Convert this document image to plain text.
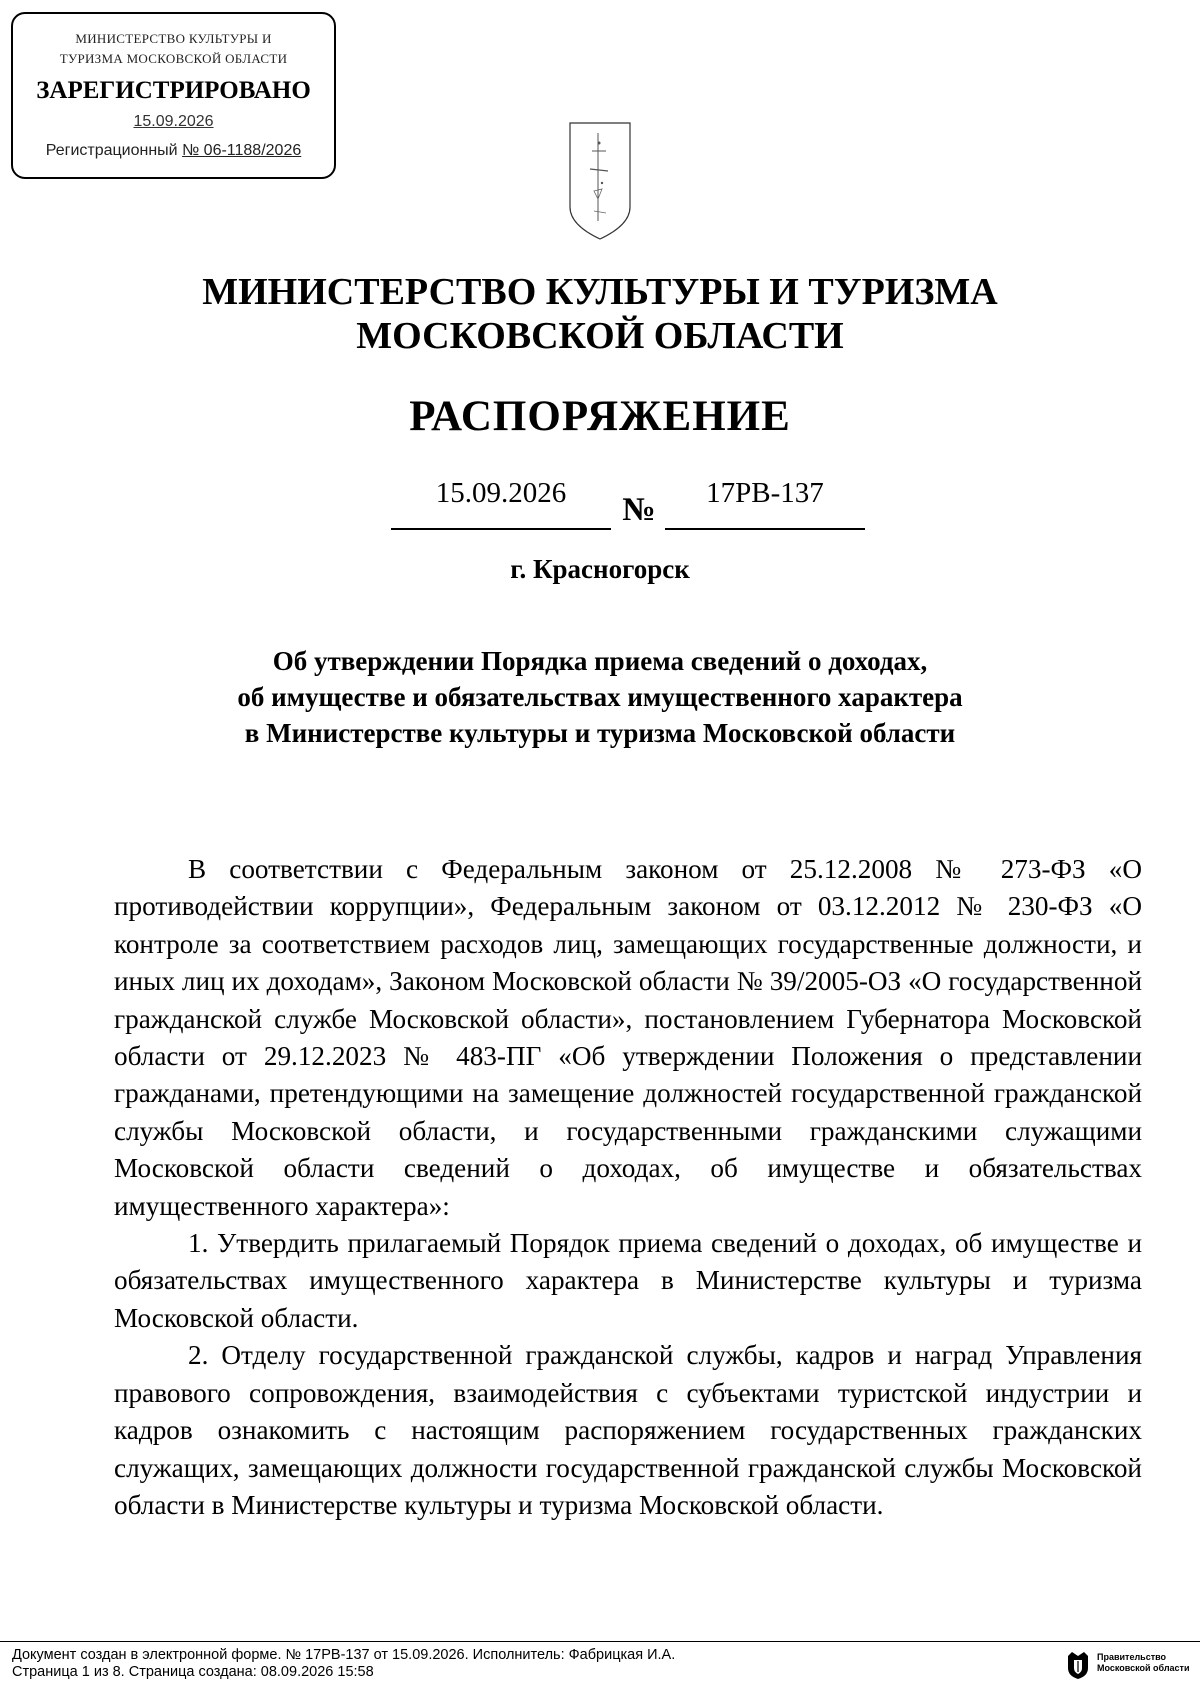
МИНИСТЕРСТВО КУЛЬТУРЫ И
ТУРИЗМА МОСКОВСКОЙ ОБЛАСТИ
ЗАРЕГИСТРИРОВАНО
15.09.2026
Регистрационный № 06-1188/2026
МИНИСТЕРСТВО КУЛЬТУРЫ И ТУРИЗМА
МОСКОВСКОЙ ОБЛАСТИ
РАСПОРЯЖЕНИЕ
15.09.2026	№	17РВ-137
г. Красногорск
Об утверждении Порядка приема сведений о доходах,
об имуществе и обязательствах имущественного характера
в Министерстве культуры и туризма Московской области

В соответствии с Федеральным законом от 25.12.2008 № 273-ФЗ «О противодействии коррупции», Федеральным законом от 03.12.2012 № 230-ФЗ «О контроле за соответствием расходов лиц, замещающих государственные должности, и иных лиц их доходам», Законом Московской области № 39/2005-ОЗ «О государственной гражданской службе Московской области», постановлением Губернатора Московской области от 29.12.2023 № 483-ПГ «Об утверждении Положения о представлении гражданами, претендующими на замещение должностей государственной гражданской службы Московской области, и государственными гражданскими служащими Московской области сведений о доходах, об имуществе и обязательствах имущественного характера»:

1. Утвердить прилагаемый Порядок приема сведений о доходах, об имуществе и обязательствах имущественного характера в Министерстве культуры и туризма Московской области.

2. Отделу государственной гражданской службы, кадров и наград Управления правового сопровождения, взаимодействия с субъектами туристской индустрии и кадров ознакомить с настоящим распоряжением государственных гражданских служащих, замещающих должности государственной гражданской службы Московской области в Министерстве культуры и туризма Московской области.

Документ создан в электронной форме. № 17РВ-137 от 15.09.2026. Исполнитель: Фабрицкая И.А.
Страница 1 из 8. Страница создана: 08.09.2026 15:58
Правительство
Московской области
